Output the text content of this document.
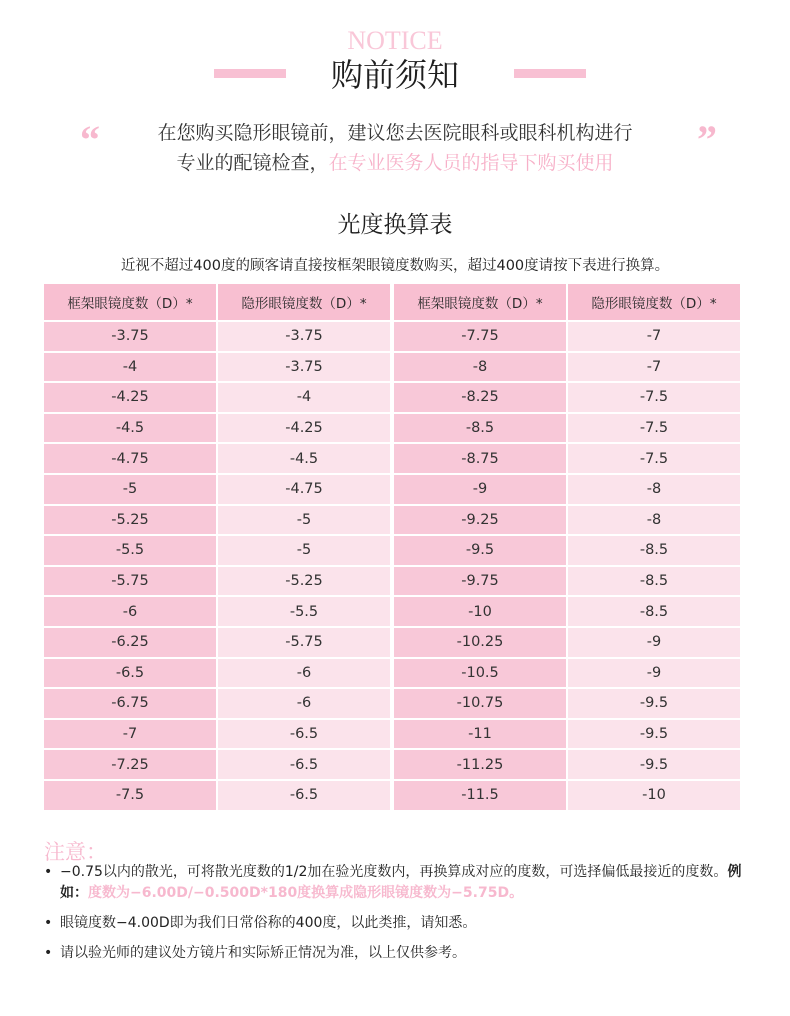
NOTICE
购前须知
“	”
在您购买隐形眼镜前，建议您去医院眼科或眼科机构进行
专业的配镜检查，在专业医务人员的指导下购买使用
光度换算表
近视不超过400度的顾客请直接按框架眼镜度数购买，超过400度请按下表进行换算。
框架眼镜度数（D）*	隐形眼镜度数（D）*		框架眼镜度数（D）*	隐形眼镜度数（D）*
-3.75	-3.75		-7.75	-7
-4	-3.75		-8	-7
-4.25	-4		-8.25	-7.5
-4.5	-4.25		-8.5	-7.5
-4.75	-4.5		-8.75	-7.5
-5	-4.75		-9	-8
-5.25	-5		-9.25	-8
-5.5	-5		-9.5	-8.5
-5.75	-5.25		-9.75	-8.5
-6	-5.5		-10	-8.5
-6.25	-5.75		-10.25	-9
-6.5	-6		-10.5	-9
-6.75	-6		-10.75	-9.5
-7	-6.5		-11	-9.5
-7.25	-6.5		-11.25	-9.5
-7.5	-6.5		-11.5	-10
注意：
• −0.75以内的散光，可将散光度数的1/2加在验光度数内，再换算成对应的度数，可选择偏低最接近的度数。例如：度数为−6.00D/−0.500D*180度换算成隐形眼镜度数为−5.75D。
• 眼镜度数−4.00D即为我们日常俗称的400度，以此类推，请知悉。
• 请以验光师的建议处方镜片和实际矫正情况为准，以上仅供参考。
